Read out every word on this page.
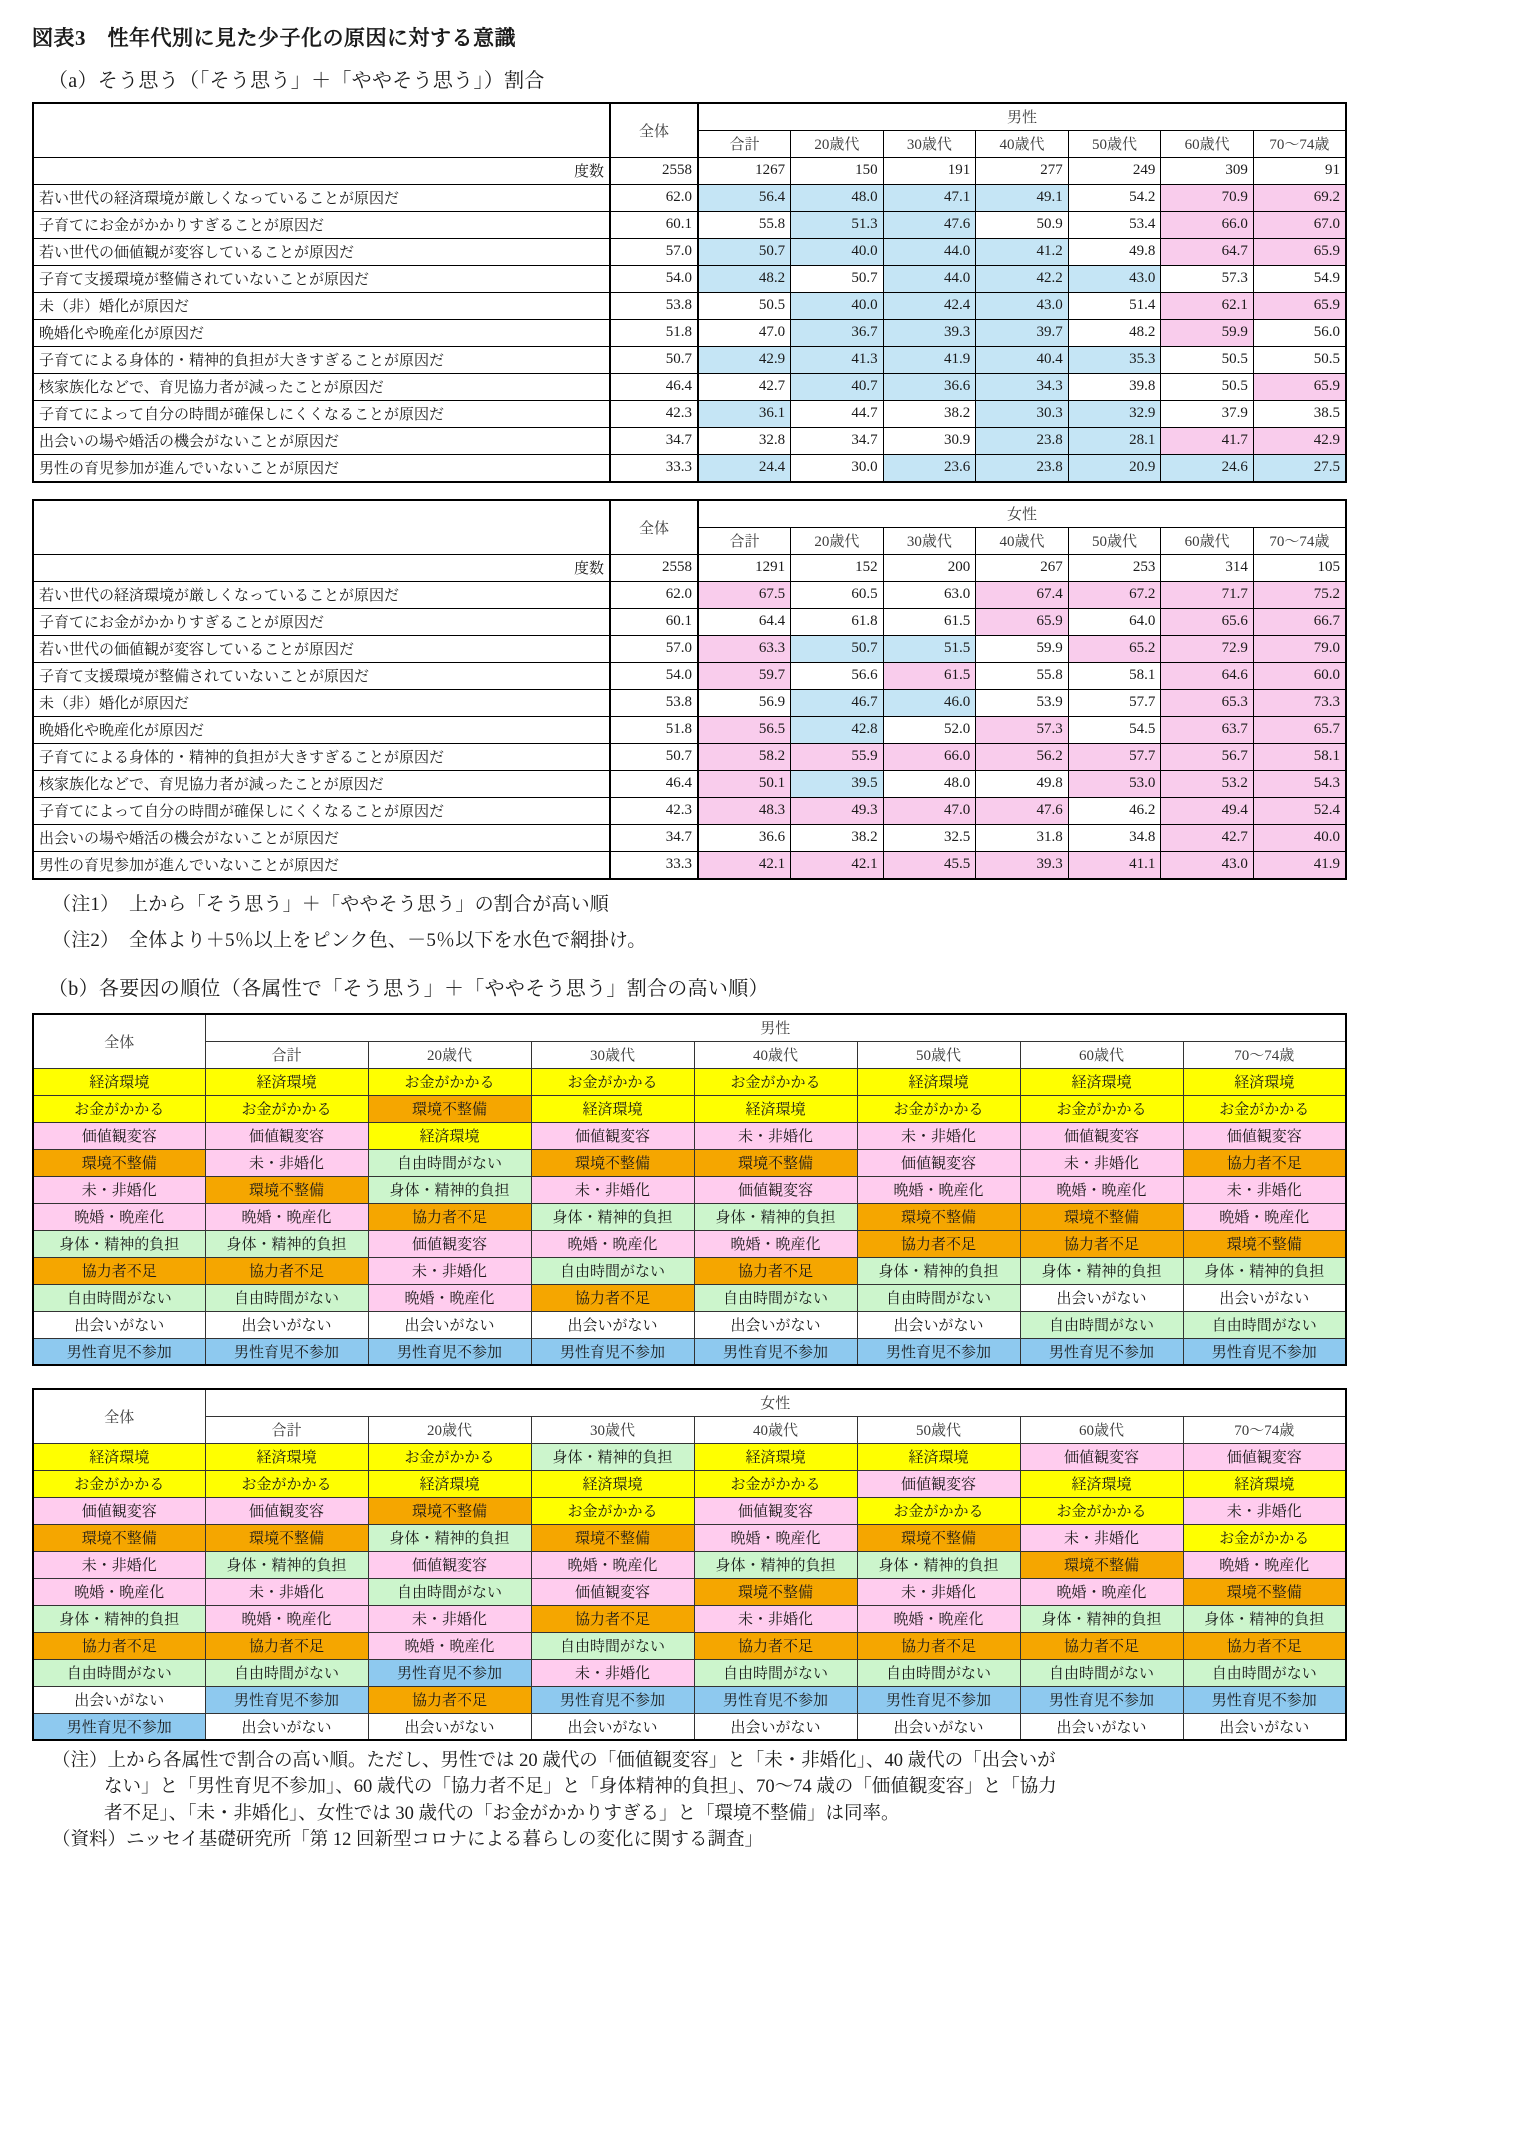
図表3　性年代別に見た少子化の原因に対する意識
（a）そう思う（「そう思う」＋「ややそう思う」）割合
	全体	男性						
		合計	20歳代	30歳代	40歳代	50歳代	60歳代	70〜74歳
度数	2558	1267	150	191	277	249	309	91
若い世代の経済環境が厳しくなっていることが原因だ	62.0	56.4	48.0	47.1	49.1	54.2	70.9	69.2
子育てにお金がかかりすぎることが原因だ	60.1	55.8	51.3	47.6	50.9	53.4	66.0	67.0
若い世代の価値観が変容していることが原因だ	57.0	50.7	40.0	44.0	41.2	49.8	64.7	65.9
子育て支援環境が整備されていないことが原因だ	54.0	48.2	50.7	44.0	42.2	43.0	57.3	54.9
未（非）婚化が原因だ	53.8	50.5	40.0	42.4	43.0	51.4	62.1	65.9
晩婚化や晩産化が原因だ	51.8	47.0	36.7	39.3	39.7	48.2	59.9	56.0
子育てによる身体的・精神的負担が大きすぎることが原因だ	50.7	42.9	41.3	41.9	40.4	35.3	50.5	50.5
核家族化などで、育児協力者が減ったことが原因だ	46.4	42.7	40.7	36.6	34.3	39.8	50.5	65.9
子育てによって自分の時間が確保しにくくなることが原因だ	42.3	36.1	44.7	38.2	30.3	32.9	37.9	38.5
出会いの場や婚活の機会がないことが原因だ	34.7	32.8	34.7	30.9	23.8	28.1	41.7	42.9
男性の育児参加が進んでいないことが原因だ	33.3	24.4	30.0	23.6	23.8	20.9	24.6	27.5
	全体	女性						
		合計	20歳代	30歳代	40歳代	50歳代	60歳代	70〜74歳
度数	2558	1291	152	200	267	253	314	105
若い世代の経済環境が厳しくなっていることが原因だ	62.0	67.5	60.5	63.0	67.4	67.2	71.7	75.2
子育てにお金がかかりすぎることが原因だ	60.1	64.4	61.8	61.5	65.9	64.0	65.6	66.7
若い世代の価値観が変容していることが原因だ	57.0	63.3	50.7	51.5	59.9	65.2	72.9	79.0
子育て支援環境が整備されていないことが原因だ	54.0	59.7	56.6	61.5	55.8	58.1	64.6	60.0
未（非）婚化が原因だ	53.8	56.9	46.7	46.0	53.9	57.7	65.3	73.3
晩婚化や晩産化が原因だ	51.8	56.5	42.8	52.0	57.3	54.5	63.7	65.7
子育てによる身体的・精神的負担が大きすぎることが原因だ	50.7	58.2	55.9	66.0	56.2	57.7	56.7	58.1
核家族化などで、育児協力者が減ったことが原因だ	46.4	50.1	39.5	48.0	49.8	53.0	53.2	54.3
子育てによって自分の時間が確保しにくくなることが原因だ	42.3	48.3	49.3	47.0	47.6	46.2	49.4	52.4
出会いの場や婚活の機会がないことが原因だ	34.7	36.6	38.2	32.5	31.8	34.8	42.7	40.0
男性の育児参加が進んでいないことが原因だ	33.3	42.1	42.1	45.5	39.3	41.1	43.0	41.9
（注1）　上から「そう思う」＋「ややそう思う」の割合が高い順
（注2）　全体より＋5％以上をピンク色、－5％以下を水色で網掛け。
（b）各要因の順位（各属性で「そう思う」＋「ややそう思う」割合の高い順）
全体	男性						
	合計	20歳代	30歳代	40歳代	50歳代	60歳代	70〜74歳
経済環境	経済環境	お金がかかる	お金がかかる	お金がかかる	経済環境	経済環境	経済環境
お金がかかる	お金がかかる	環境不整備	経済環境	経済環境	お金がかかる	お金がかかる	お金がかかる
価値観変容	価値観変容	経済環境	価値観変容	未・非婚化	未・非婚化	価値観変容	価値観変容
環境不整備	未・非婚化	自由時間がない	環境不整備	環境不整備	価値観変容	未・非婚化	協力者不足
未・非婚化	環境不整備	身体・精神的負担	未・非婚化	価値観変容	晩婚・晩産化	晩婚・晩産化	未・非婚化
晩婚・晩産化	晩婚・晩産化	協力者不足	身体・精神的負担	身体・精神的負担	環境不整備	環境不整備	晩婚・晩産化
身体・精神的負担	身体・精神的負担	価値観変容	晩婚・晩産化	晩婚・晩産化	協力者不足	協力者不足	環境不整備
協力者不足	協力者不足	未・非婚化	自由時間がない	協力者不足	身体・精神的負担	身体・精神的負担	身体・精神的負担
自由時間がない	自由時間がない	晩婚・晩産化	協力者不足	自由時間がない	自由時間がない	出会いがない	出会いがない
出会いがない	出会いがない	出会いがない	出会いがない	出会いがない	出会いがない	自由時間がない	自由時間がない
男性育児不参加	男性育児不参加	男性育児不参加	男性育児不参加	男性育児不参加	男性育児不参加	男性育児不参加	男性育児不参加
全体	女性						
	合計	20歳代	30歳代	40歳代	50歳代	60歳代	70〜74歳
経済環境	経済環境	お金がかかる	身体・精神的負担	経済環境	経済環境	価値観変容	価値観変容
お金がかかる	お金がかかる	経済環境	経済環境	お金がかかる	価値観変容	経済環境	経済環境
価値観変容	価値観変容	環境不整備	お金がかかる	価値観変容	お金がかかる	お金がかかる	未・非婚化
環境不整備	環境不整備	身体・精神的負担	環境不整備	晩婚・晩産化	環境不整備	未・非婚化	お金がかかる
未・非婚化	身体・精神的負担	価値観変容	晩婚・晩産化	身体・精神的負担	身体・精神的負担	環境不整備	晩婚・晩産化
晩婚・晩産化	未・非婚化	自由時間がない	価値観変容	環境不整備	未・非婚化	晩婚・晩産化	環境不整備
身体・精神的負担	晩婚・晩産化	未・非婚化	協力者不足	未・非婚化	晩婚・晩産化	身体・精神的負担	身体・精神的負担
協力者不足	協力者不足	晩婚・晩産化	自由時間がない	協力者不足	協力者不足	協力者不足	協力者不足
自由時間がない	自由時間がない	男性育児不参加	未・非婚化	自由時間がない	自由時間がない	自由時間がない	自由時間がない
出会いがない	男性育児不参加	協力者不足	男性育児不参加	男性育児不参加	男性育児不参加	男性育児不参加	男性育児不参加
男性育児不参加	出会いがない	出会いがない	出会いがない	出会いがない	出会いがない	出会いがない	出会いがない
（注）上から各属性で割合の高い順。ただし、男性では 20 歳代の「価値観変容」と「未・非婚化」、40 歳代の「出会いが
ない」と「男性育児不参加」、60 歳代の「協力者不足」と「身体精神的負担」、70〜74 歳の「価値観変容」と「協力
者不足」、「未・非婚化」、女性では 30 歳代の「お金がかかりすぎる」と「環境不整備」は同率。
（資料）ニッセイ基礎研究所「第 12 回新型コロナによる暮らしの変化に関する調査」
